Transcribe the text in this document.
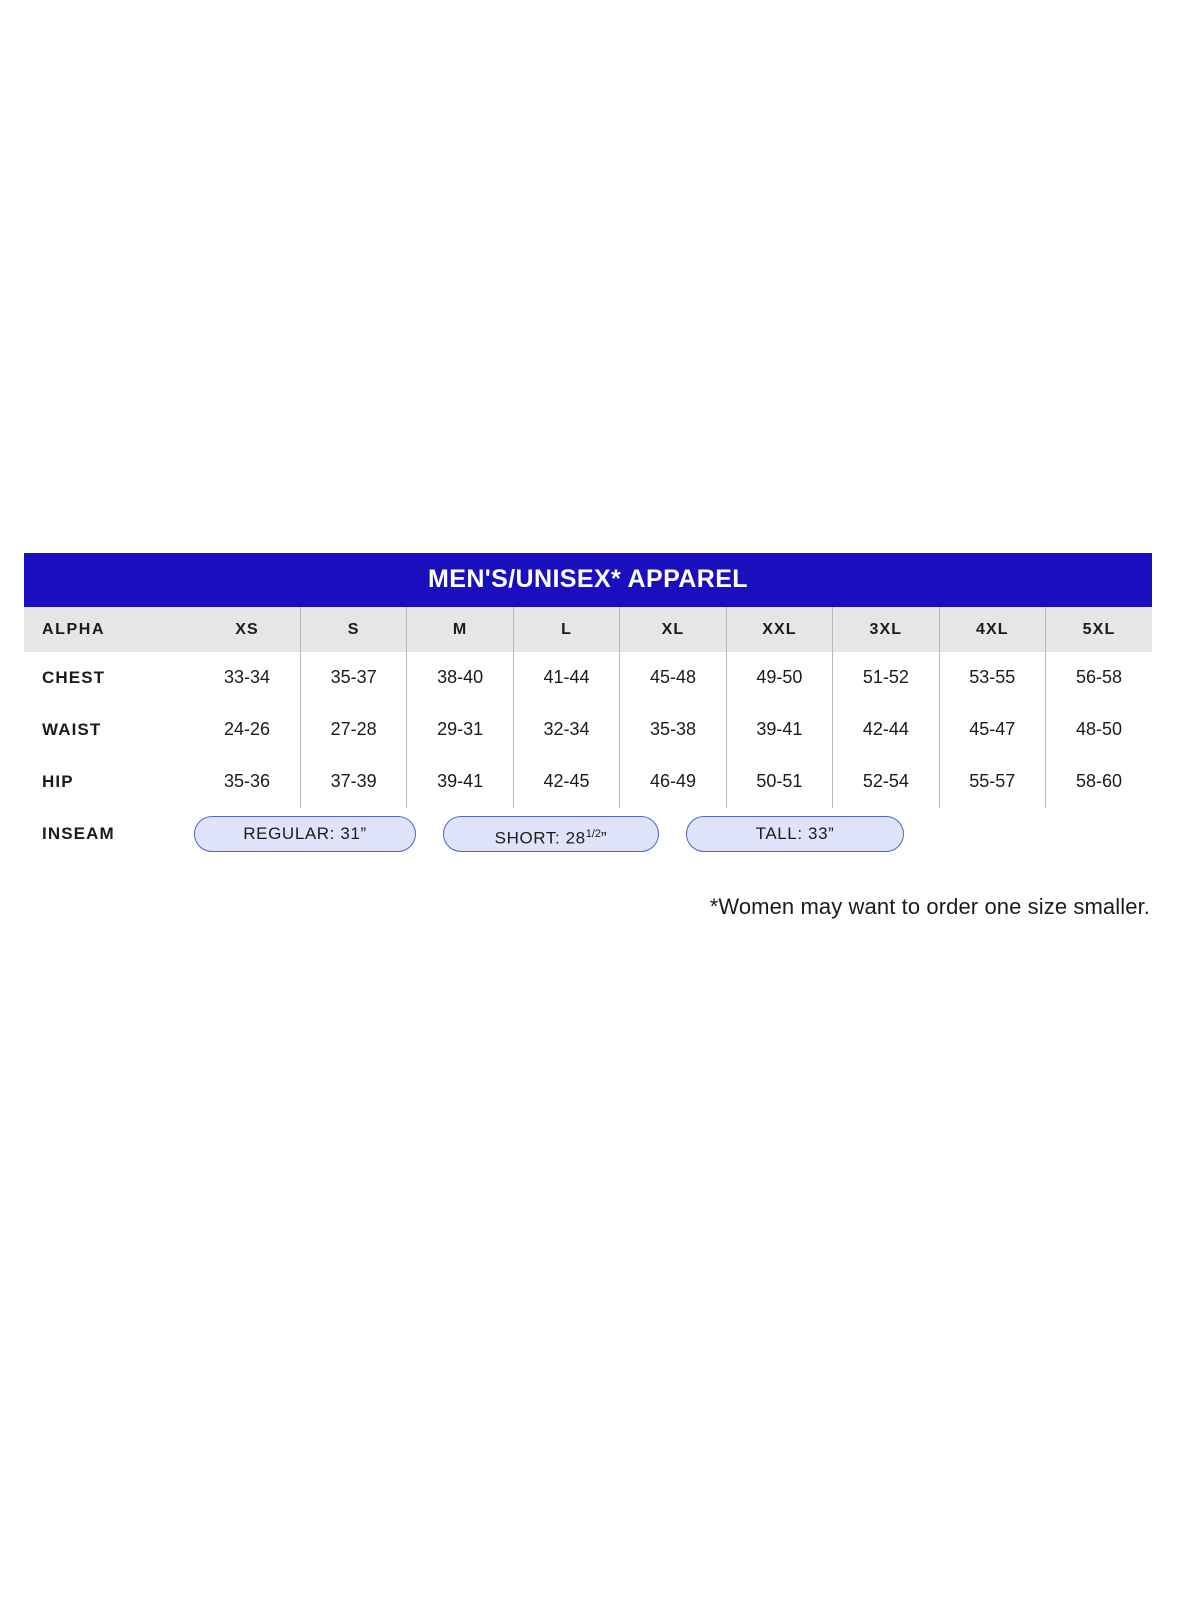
MEN'S/UNISEX* APPAREL
ALPHA	XS	S	M	L	XL	XXL	3XL	4XL	5XL
CHEST	33-34	35-37	38-40	41-44	45-48	49-50	51-52	53-55	56-58
WAIST	24-26	27-28	29-31	32-34	35-38	39-41	42-44	45-47	48-50
HIP	35-36	37-39	39-41	42-45	46-49	50-51	52-54	55-57	58-60
INSEAM	REGULAR: 31”	SHORT: $28^{1/2}$”	TALL: 33”
*Women may want to order one size smaller.
